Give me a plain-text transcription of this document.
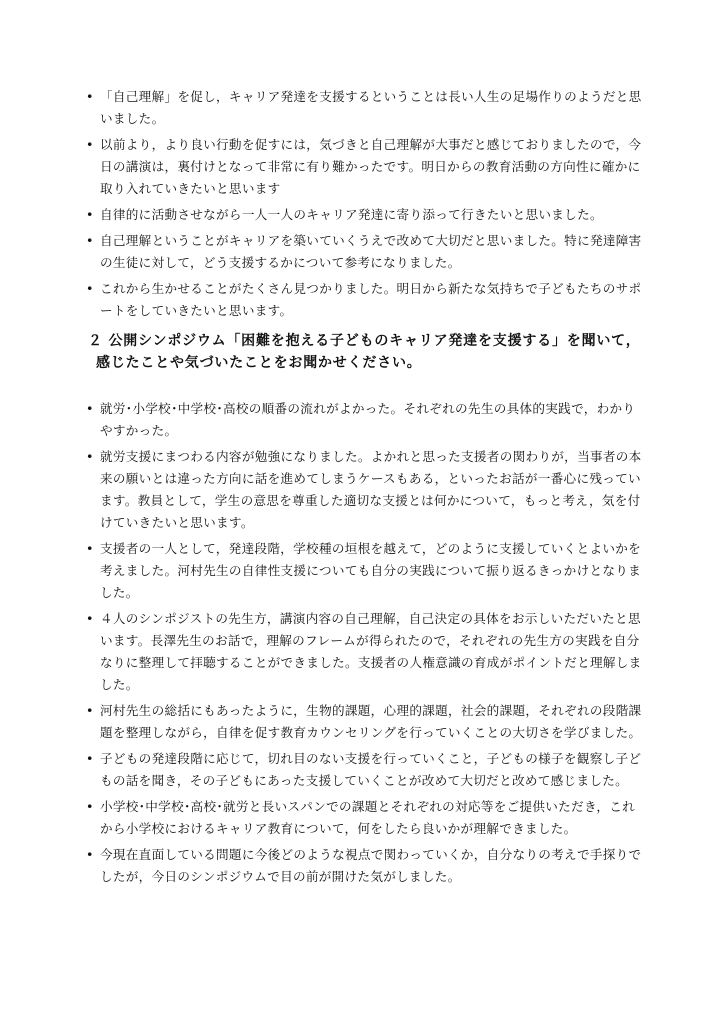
• 「自己理解」を促し，キャリア発達を支援するということは長い人生の足場作りのようだと思いました。
• 以前より，より良い行動を促すには，気づきと自己理解が大事だと感じておりましたので，今日の講演は，裏付けとなって非常に有り難かったです。明日からの教育活動の方向性に確かに取り入れていきたいと思います
• 自律的に活動させながら一人一人のキャリア発達に寄り添って行きたいと思いました。
• 自己理解ということがキャリアを築いていくうえで改めて大切だと思いました。特に発達障害の生徒に対して，どう支援するかについて参考になりました。
• これから生かせることがたくさん見つかりました。明日から新たな気持ちで子どもたちのサポートをしていきたいと思います。
２ 公開シンポジウム「困難を抱える子どものキャリア発達を支援する」を聞いて，
感じたことや気づいたことをお聞かせください。
• 就労･小学校･中学校･高校の順番の流れがよかった。それぞれの先生の具体的実践で，わかりやすかった。
• 就労支援にまつわる内容が勉強になりました。よかれと思った支援者の関わりが，当事者の本来の願いとは違った方向に話を進めてしまうケースもある，といったお話が一番心に残っています。教員として，学生の意思を尊重した適切な支援とは何かについて，もっと考え，気を付けていきたいと思います。
• 支援者の一人として，発達段階，学校種の垣根を越えて，どのように支援していくとよいかを考えました。河村先生の自律性支援についても自分の実践について振り返るきっかけとなりました。
• ４人のシンポジストの先生方，講演内容の自己理解，自己決定の具体をお示しいただいたと思います。長澤先生のお話で，理解のフレームが得られたので，それぞれの先生方の実践を自分なりに整理して拝聴することができました。支援者の人権意識の育成がポイントだと理解しました。
• 河村先生の総括にもあったように，生物的課題，心理的課題，社会的課題，それぞれの段階課題を整理しながら，自律を促す教育カウンセリングを行っていくことの大切さを学びました。
• 子どもの発達段階に応じて，切れ目のない支援を行っていくこと，子どもの様子を観察し子どもの話を聞き，その子どもにあった支援していくことが改めて大切だと改めて感じました。
• 小学校･中学校･高校･就労と長いスパンでの課題とそれぞれの対応等をご提供いただき，これから小学校におけるキャリア教育について，何をしたら良いかが理解できました。
• 今現在直面している問題に今後どのような視点で関わっていくか，自分なりの考えで手探りでしたが，今日のシンポジウムで目の前が開けた気がしました。
